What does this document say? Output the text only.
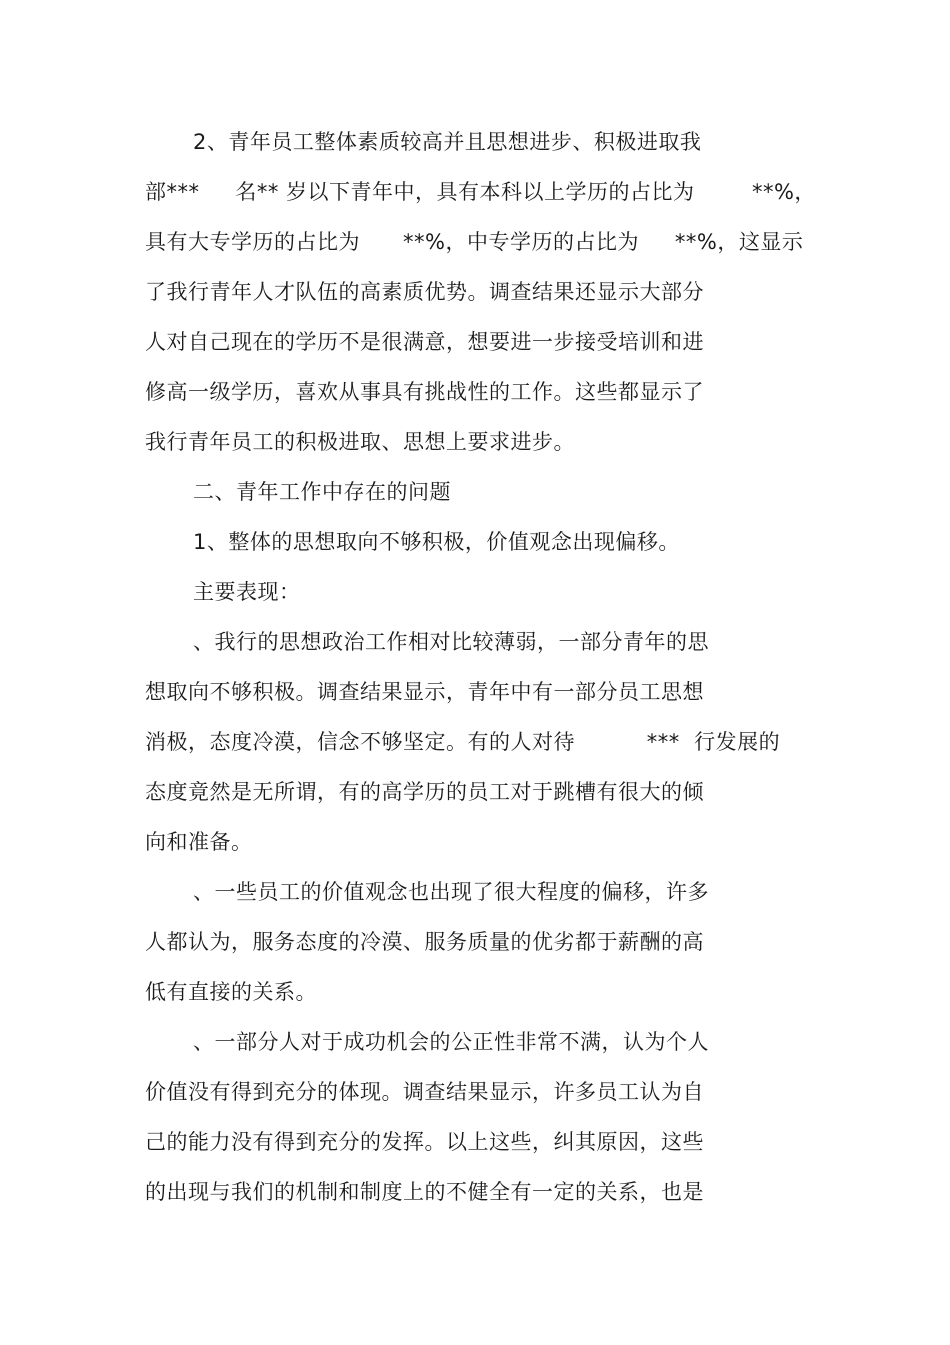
2、青年员工整体素质较高并且思想进步、积极进取我
部***     名** 岁以下青年中，具有本科以上学历的占比为        **%，
具有大专学历的占比为      **%，中专学历的占比为     **%，这显示
了我行青年人才队伍的高素质优势。调查结果还显示大部分
人对自己现在的学历不是很满意，想要进一步接受培训和进
修高一级学历，喜欢从事具有挑战性的工作。这些都显示了
我行青年员工的积极进取、思想上要求进步。
二、青年工作中存在的问题
1、整体的思想取向不够积极，价值观念出现偏移。
主要表现：
、我行的思想政治工作相对比较薄弱，一部分青年的思
想取向不够积极。调查结果显示，青年中有一部分员工思想
消极，态度冷漠，信念不够坚定。有的人对待          ***  行发展的
态度竟然是无所谓，有的高学历的员工对于跳槽有很大的倾
向和准备。
、一些员工的价值观念也出现了很大程度的偏移，许多
人都认为，服务态度的冷漠、服务质量的优劣都于薪酬的高
低有直接的关系。
、一部分人对于成功机会的公正性非常不满，认为个人
价值没有得到充分的体现。调查结果显示，许多员工认为自
己的能力没有得到充分的发挥。以上这些，纠其原因，这些
的出现与我们的机制和制度上的不健全有一定的关系，也是
